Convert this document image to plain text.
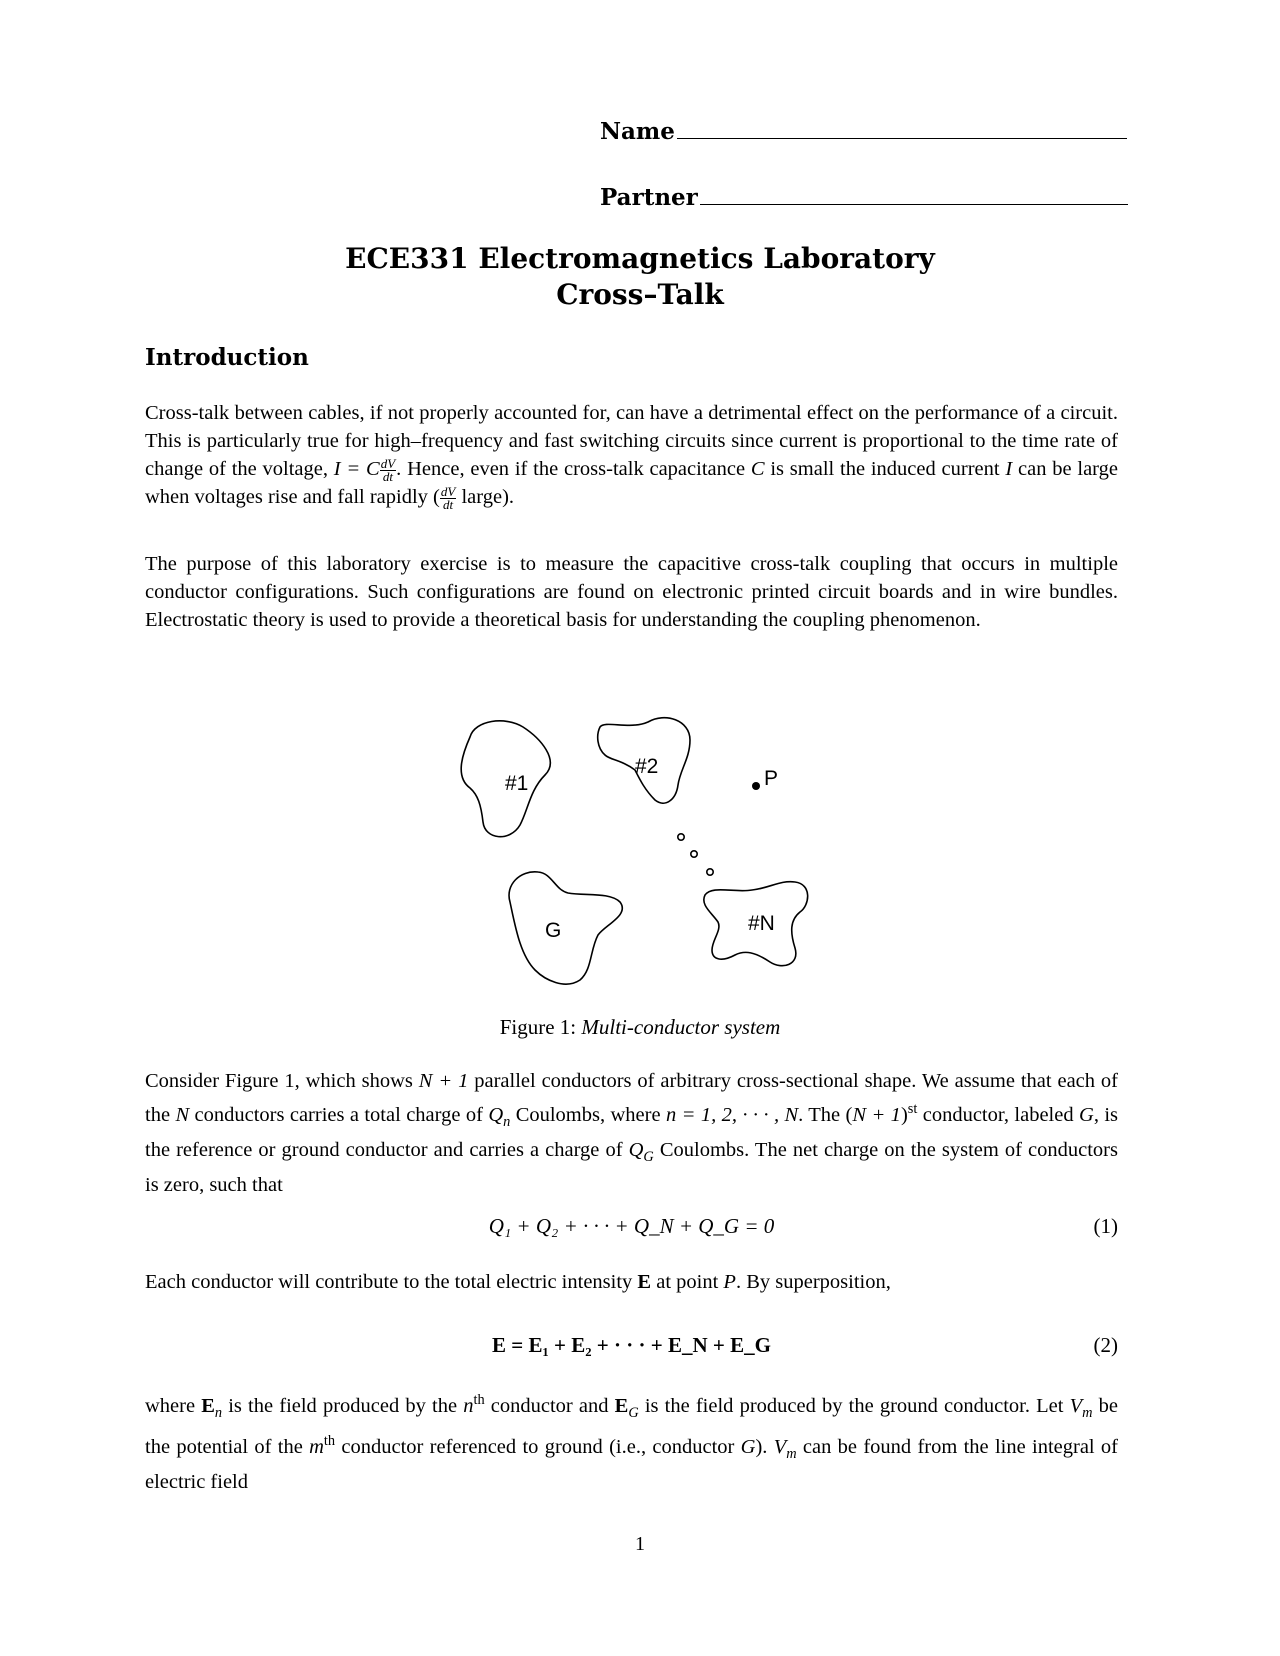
Name
Partner
ECE331 Electromagnetics Laboratory
Cross–Talk
Introduction
Cross-talk between cables, if not properly accounted for, can have a detrimental effect on the performance of a circuit. This is particularly true for high–frequency and fast switching circuits since current is proportional to the time rate of change of the voltage, I = C $\frac{dV}{dt}$ . Hence, even if the cross-talk capacitance C is small the induced current I can be large when voltages rise and fall rapidly ( $\frac{dV}{dt}$ large).
The purpose of this laboratory exercise is to measure the capacitive cross-talk coupling that occurs in multiple conductor configurations. Such configurations are found on electronic printed circuit boards and in wire bundles. Electrostatic theory is used to provide a theoretical basis for understanding the coupling phenomenon.
#1
#2
P
G	#N
Figure 1: Multi-conductor system
Consider Figure 1, which shows N + 1 parallel conductors of arbitrary cross-sectional shape. We assume that each of the N conductors carries a total charge of $Q_n$ Coulombs, where n = 1, 2, · · · , N. The $(N + 1)^{st}$ conductor, labeled G, is the reference or ground conductor and carries a charge of $Q_G$ Coulombs. The net charge on the system of conductors is zero, such that
Q₁ + Q₂ + · · · + Q_N + Q_G = 0	(1)
Each conductor will contribute to the total electric intensity E at point P. By superposition,
E = E₁ + E₂ + · · · + E_N + E_G	(2)
where $E_n$ is the field produced by the $n^{th}$ conductor and $E_G$ is the field produced by the ground conductor. Let $V_m$ be the potential of the $m^{th}$ conductor referenced to ground (i.e., conductor G). $V_m$ can be found from the line integral of electric field
1
